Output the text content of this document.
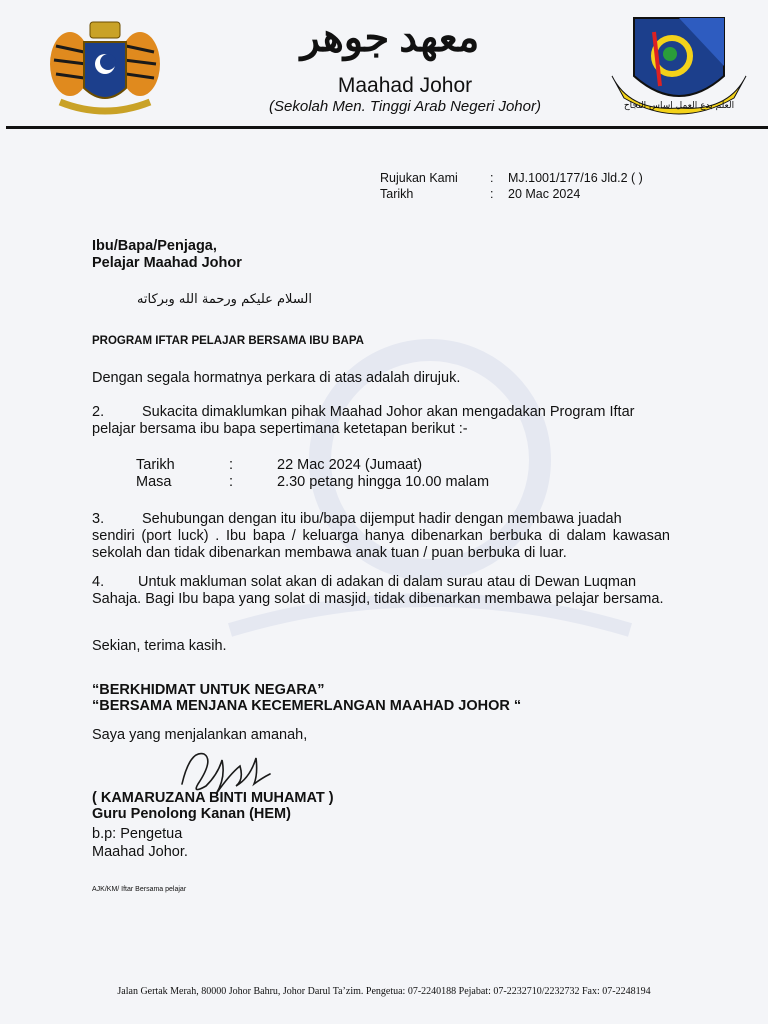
العلم بدع العمل اساس النجاح
معهد جوهر
Maahad Johor
(Sekolah Men. Tinggi Arab Negeri Johor)
Rujukan Kami	:	MJ.1001/177/16 Jld.2 ( )
Tarikh	:	20 Mac 2024
Ibu/Bapa/Penjaga,
Pelajar Maahad Johor
السلام عليكم ورحمة الله وبركاته
PROGRAM IFTAR PELAJAR BERSAMA IBU BAPA
Dengan segala hormatnya perkara di atas adalah dirujuk.
2.	Sukacita dimaklumkan pihak Maahad Johor akan mengadakan Program Iftar
pelajar bersama ibu bapa sepertimana ketetapan berikut :-
Tarikh	:	22 Mac 2024 (Jumaat)
Masa	:	2.30 petang hingga 10.00 malam
3.	Sehubungan dengan itu ibu/bapa dijemput hadir dengan membawa juadah
sendiri (port luck) . Ibu bapa / keluarga hanya dibenarkan berbuka di dalam kawasan sekolah dan tidak dibenarkan membawa anak tuan / puan berbuka di luar.
4.	Untuk makluman solat akan di adakan di dalam surau atau di Dewan Luqman
Sahaja. Bagi Ibu bapa yang solat di masjid, tidak dibenarkan membawa pelajar bersama.
Sekian, terima kasih.
“BERKHIDMAT UNTUK NEGARA”
“BERSAMA MENJANA KECEMERLANGAN MAAHAD JOHOR “
Saya yang menjalankan amanah,
( KAMARUZANA BINTI MUHAMAT )
Guru Penolong Kanan (HEM)
b.p: Pengetua
Maahad Johor.
AJK/KM/ Iftar Bersama pelajar
Jalan Gertak Merah, 80000 Johor Bahru, Johor Darul Ta’zim. Pengetua: 07-2240188 Pejabat: 07-2232710/2232732 Fax: 07-2248194
